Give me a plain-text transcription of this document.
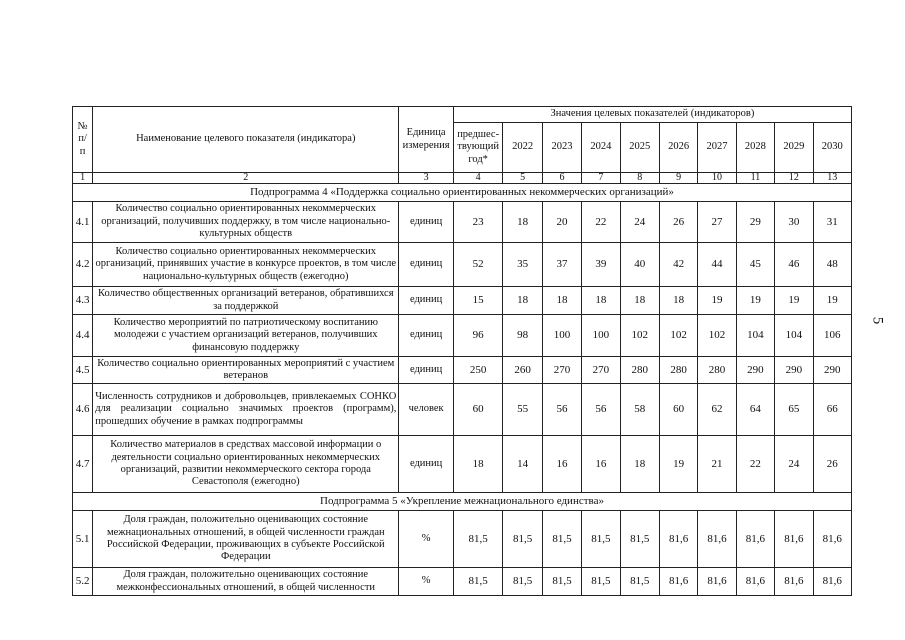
5
№ п/ п	Наименование целевого показателя (индикатора)	Единица измерения	Значения целевых показателей (индикаторов)									
			предшес-твующий год*	2022	2023	2024	2025	2026	2027	2028	2029	2030
1	2	3	4	5	6	7	8	9	10	11	12	13
Подпрограмма 4 «Поддержка социально ориентированных некоммерческих организаций»												
4.1	Количество социально ориентированных некоммерческих организаций, получивших поддержку, в том числе национально-культурных обществ	единиц	23	18	20	22	24	26	27	29	30	31
4.2	Количество социально ориентированных некоммерческих организаций, принявших участие в конкурсе проектов, в том числе национально-культурных обществ (ежегодно)	единиц	52	35	37	39	40	42	44	45	46	48
4.3	Количество общественных организаций ветеранов, обратившихся за поддержкой	единиц	15	18	18	18	18	18	19	19	19	19
4.4	Количество мероприятий по патриотическому воспитанию молодежи с участием организаций ветеранов, получивших финансовую поддержку	единиц	96	98	100	100	102	102	102	104	104	106
4.5	Количество социально ориентированных мероприятий с участием ветеранов	единиц	250	260	270	270	280	280	280	290	290	290
4.6	Численность сотрудников и добровольцев, привлекаемых СОНКО для реализации социально значимых проектов (программ), прошедших обучение в рамках подпрограммы	человек	60	55	56	56	58	60	62	64	65	66
4.7	Количество материалов в средствах массовой информации о деятельности социально ориентированных некоммерческих организаций, развитии некоммерческого сектора города Севастополя (ежегодно)	единиц	18	14	16	16	18	19	21	22	24	26
Подпрограмма 5 «Укрепление межнационального единства»												
5.1	Доля граждан, положительно оценивающих состояние межнациональных отношений, в общей численности граждан Российской Федерации, проживающих в субъекте Российской Федерации	%	81,5	81,5	81,5	81,5	81,5	81,6	81,6	81,6	81,6	81,6
5.2	Доля граждан, положительно оценивающих состояние межконфессиональных отношений, в общей численности	%	81,5	81,5	81,5	81,5	81,5	81,6	81,6	81,6	81,6	81,6
